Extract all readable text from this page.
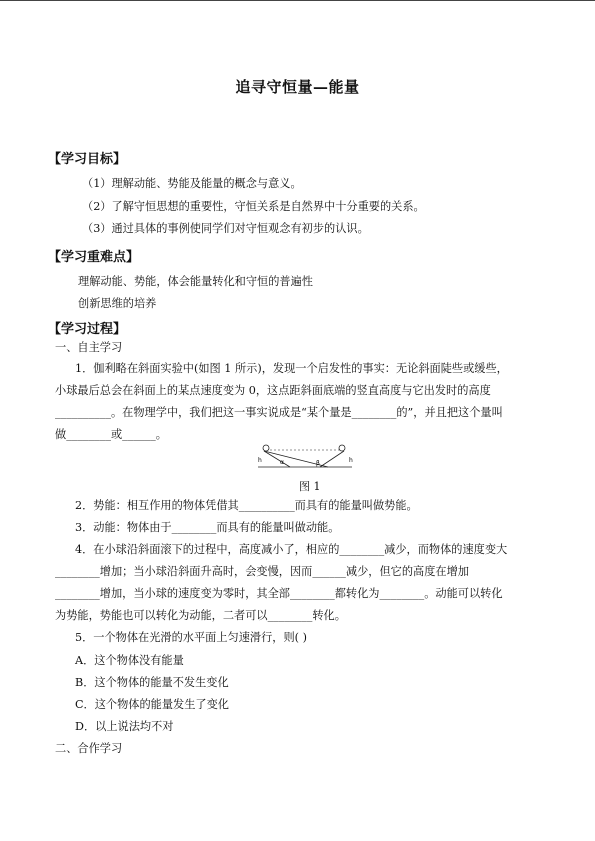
追寻守恒量—能量
【学习目标】
（1）理解动能、势能及能量的概念与意义。
（2）了解守恒思想的重要性，守恒关系是自然界中十分重要的关系。
（3）通过具体的事例使同学们对守恒观念有初步的认识。
【学习重难点】
理解动能、势能，体会能量转化和守恒的普遍性
创新思维的培养
【学习过程】
一、自主学习
1．伽利略在斜面实验中(如图 1 所示)，发现一个启发性的事实：无论斜面陡些或缓些，
小球最后总会在斜面上的某点速度变为 0，这点距斜面底端的竖直高度与它出发时的高度
__________。在物理学中，我们把这一事实说成是“某个量是________的”，并且把这个量叫
做________或______。
h	α	β	h
图 1
2．势能：相互作用的物体凭借其__________而具有的能量叫做势能。
3．动能：物体由于________而具有的能量叫做动能。
4．在小球沿斜面滚下的过程中，高度减小了，相应的________减少，而物体的速度变大
________增加；当小球沿斜面升高时，会变慢，因而______减少，但它的高度在增加
________增加，当小球的速度变为零时，其全部________都转化为________。动能可以转化
为势能，势能也可以转化为动能，二者可以________转化。
5．一个物体在光滑的水平面上匀速滑行，则( )
A．这个物体没有能量
B．这个物体的能量不发生变化
C．这个物体的能量发生了变化
D．以上说法均不对
二、合作学习
